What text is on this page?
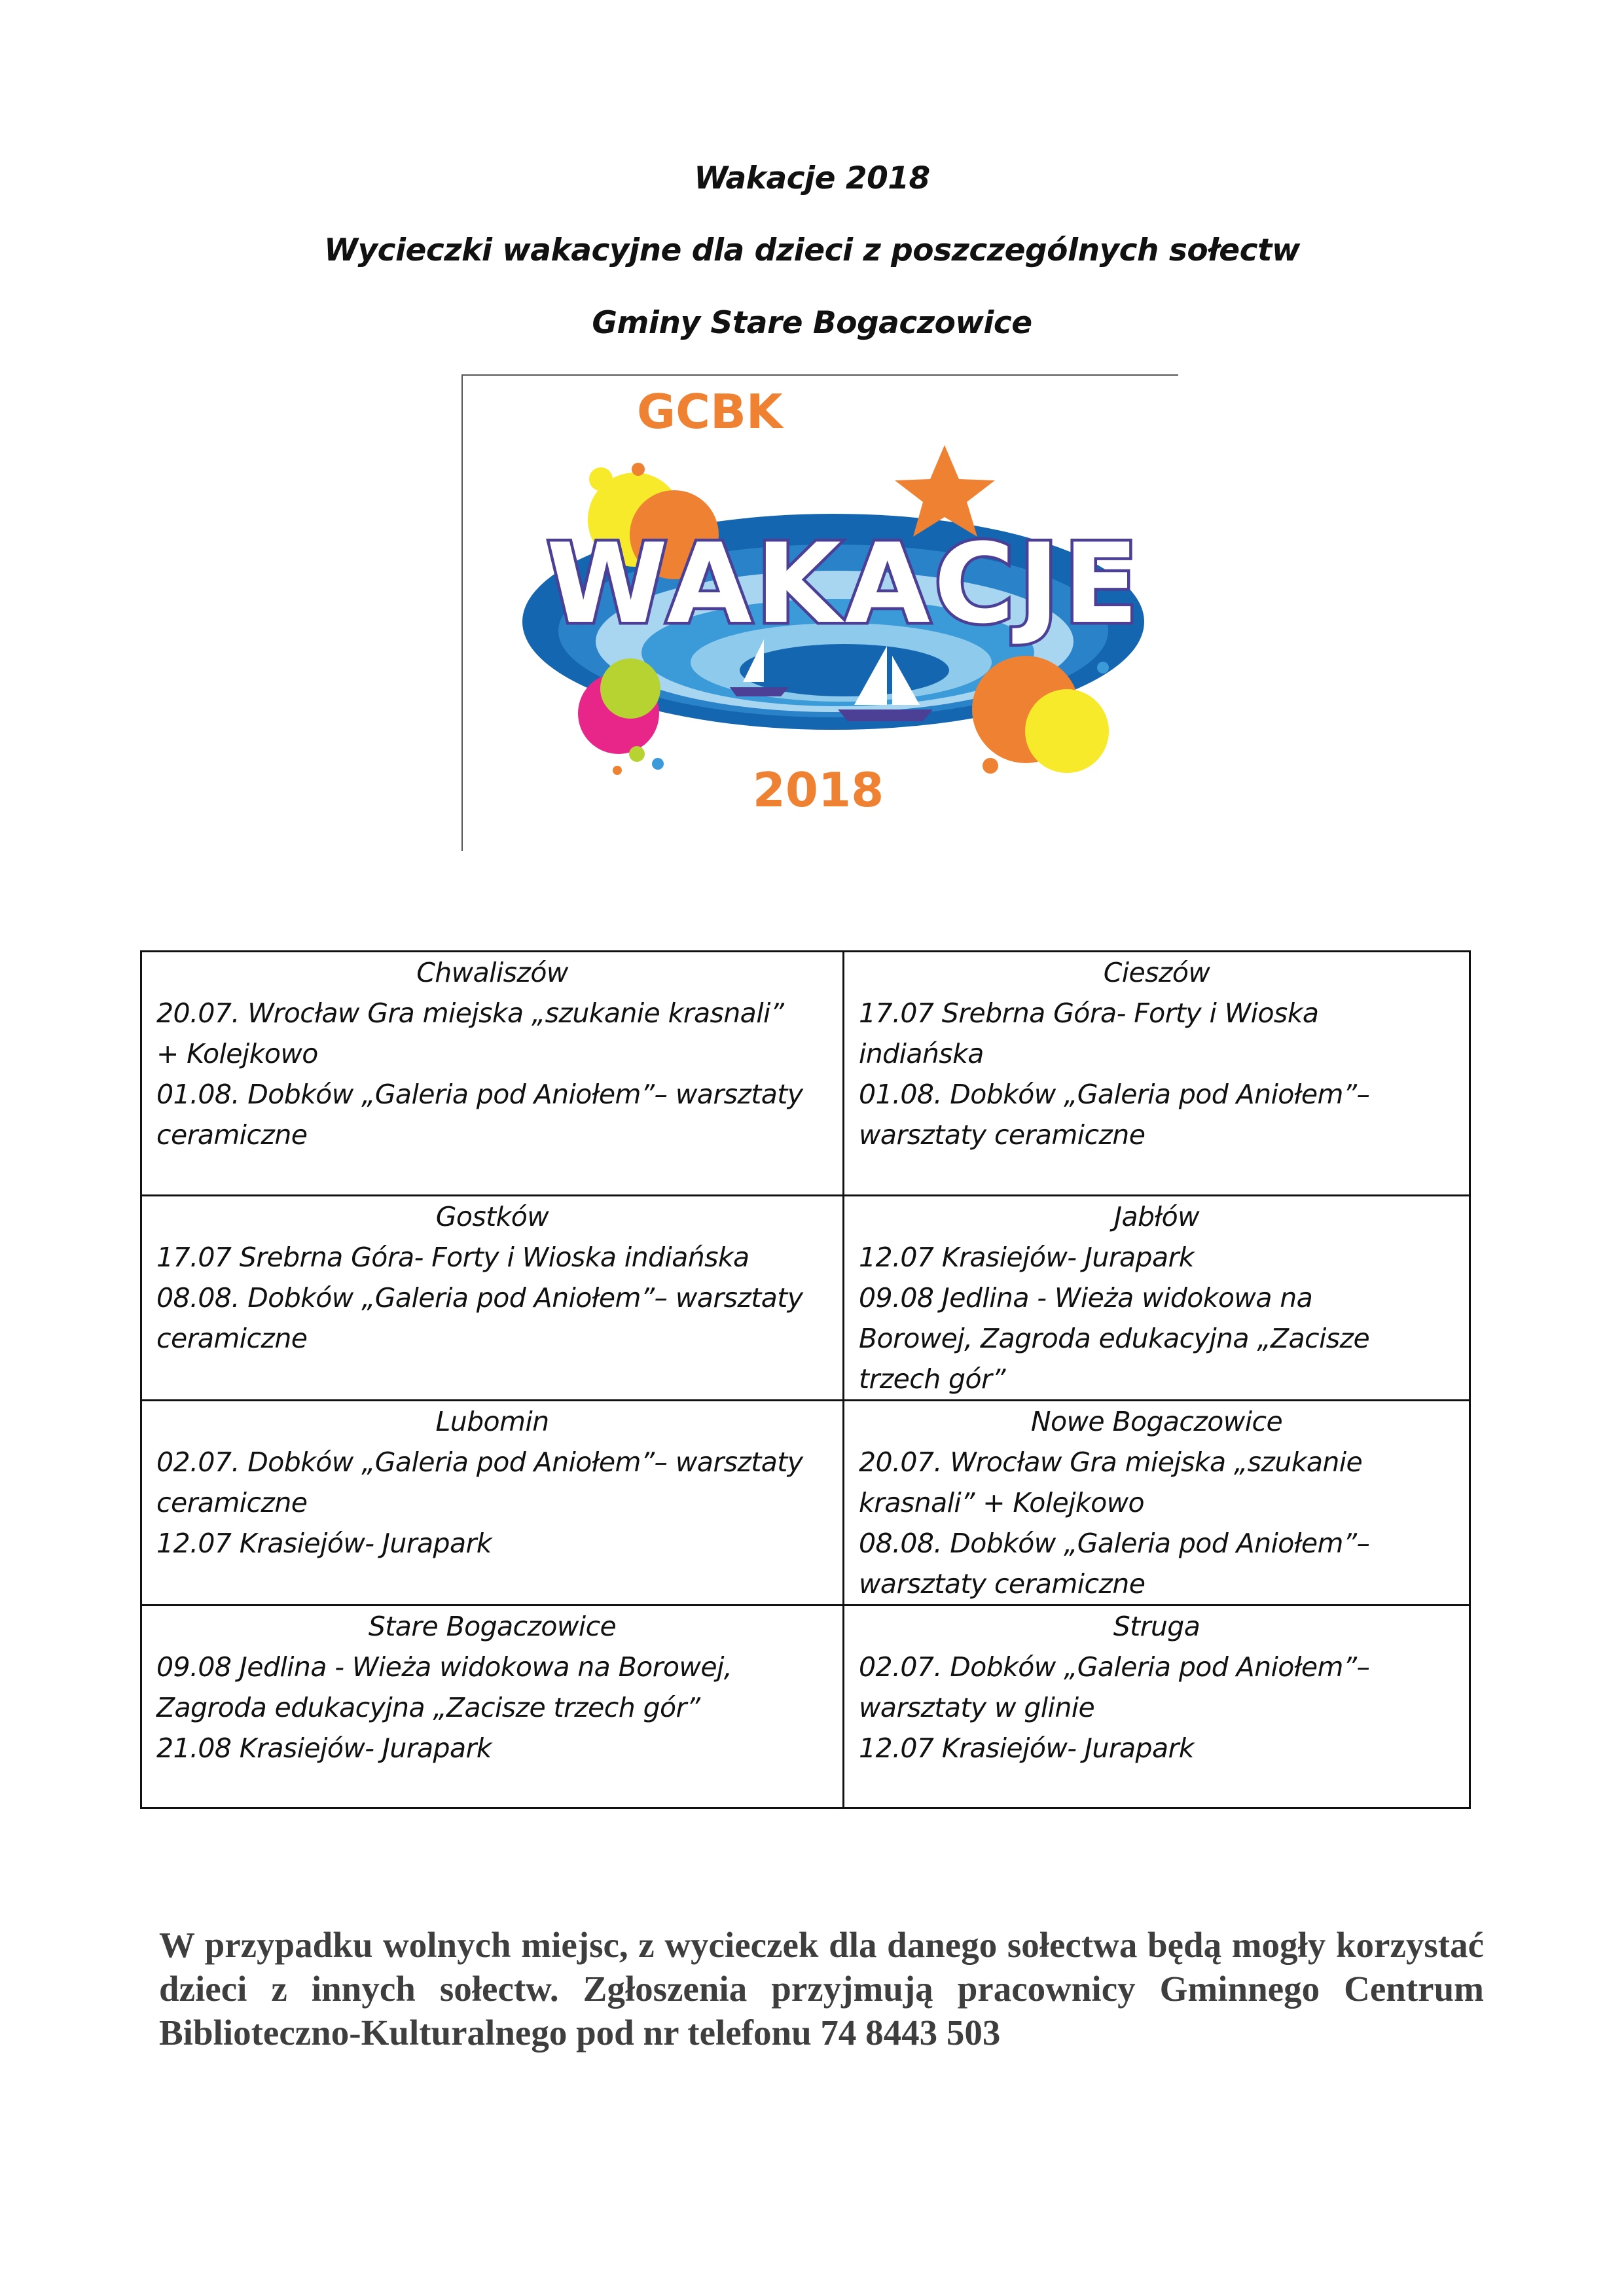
Wakacje 2018
Wycieczki wakacyjne dla dzieci z poszczególnych sołectw
Gminy Stare Bogaczowice
GCBK
WAKACJE
2018
Chwaliszów
20.07. Wrocław Gra miejska „szukanie krasnali”
+ Kolejkowo
01.08. Dobków „Galeria pod Aniołem”– warsztaty
ceramiczne	Cieszów
17.07 Srebrna Góra- Forty i Wioska
indiańska
01.08. Dobków „Galeria pod Aniołem”–
warsztaty ceramiczne

Gostków
17.07 Srebrna Góra- Forty i Wioska indiańska
08.08. Dobków „Galeria pod Aniołem”– warsztaty
ceramiczne	Jabłów
12.07 Krasiejów- Jurapark
09.08 Jedlina - Wieża widokowa na
Borowej, Zagroda edukacyjna „Zacisze
trzech gór”

Lubomin
02.07. Dobków „Galeria pod Aniołem”– warsztaty
ceramiczne
12.07 Krasiejów- Jurapark	Nowe Bogaczowice
20.07. Wrocław Gra miejska „szukanie
krasnali” + Kolejkowo
08.08. Dobków „Galeria pod Aniołem”–
warsztaty ceramiczne

Stare Bogaczowice
09.08 Jedlina - Wieża widokowa na Borowej,
Zagroda edukacyjna „Zacisze trzech gór”
21.08 Krasiejów- Jurapark	Struga
02.07. Dobków „Galeria pod Aniołem”–
warsztaty w glinie
12.07 Krasiejów- Jurapark
W przypadku wolnych miejsc, z wycieczek dla danego sołectwa będą mogły korzystać dzieci z innych sołectw. Zgłoszenia przyjmują pracownicy Gminnego Centrum Biblioteczno-Kulturalnego pod nr telefonu 74 8443 503
